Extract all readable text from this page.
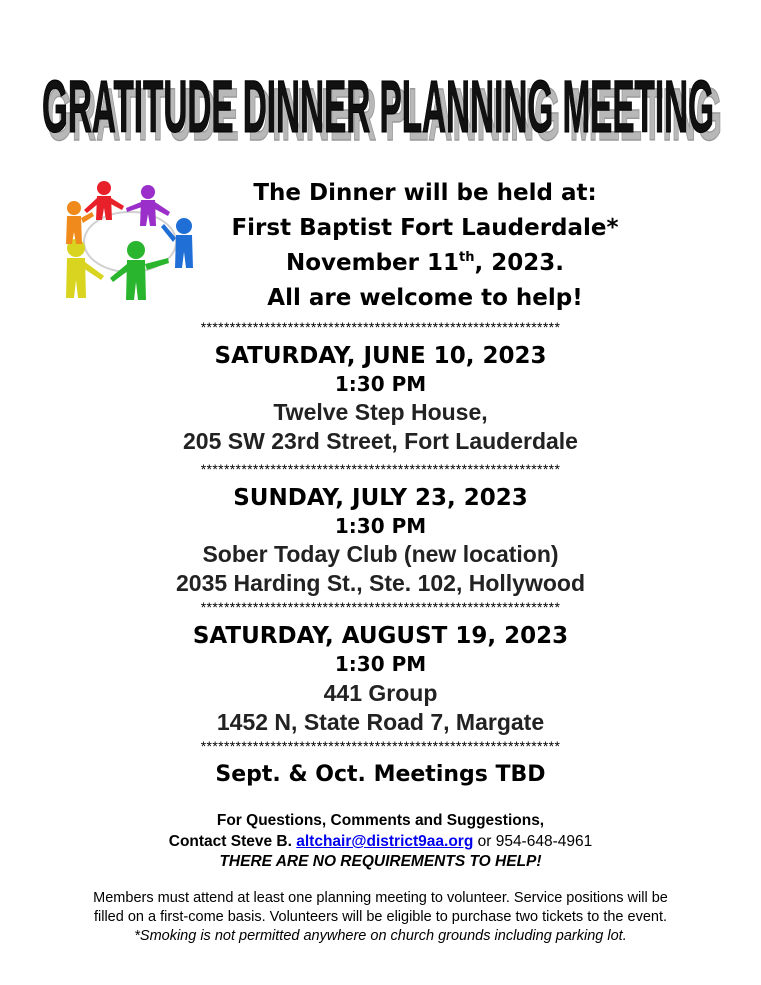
GRATITUDE DINNER PLANNING MEETING
GRATITUDE DINNER PLANNING MEETING
The Dinner will be held at:
First Baptist Fort Lauderdale*
November 11th, 2023.
All are welcome to help!
**************************************************************
SATURDAY, JUNE 10, 2023
1:30 PM
Twelve Step House,
205 SW 23rd Street, Fort Lauderdale
**************************************************************
SUNDAY, JULY 23, 2023
1:30 PM
Sober Today Club (new location)
2035 Harding St., Ste. 102, Hollywood
**************************************************************
SATURDAY, AUGUST 19, 2023
1:30 PM
441 Group
1452 N, State Road 7, Margate
**************************************************************
Sept. & Oct. Meetings TBD
For Questions, Comments and Suggestions,
Contact Steve B. altchair@district9aa.org or 954-648-4961
THERE ARE NO REQUIREMENTS TO HELP!
Members must attend at least one planning meeting to volunteer. Service positions will be
filled on a first-come basis. Volunteers will be eligible to purchase two tickets to the event.
*Smoking is not permitted anywhere on church grounds including parking lot.
